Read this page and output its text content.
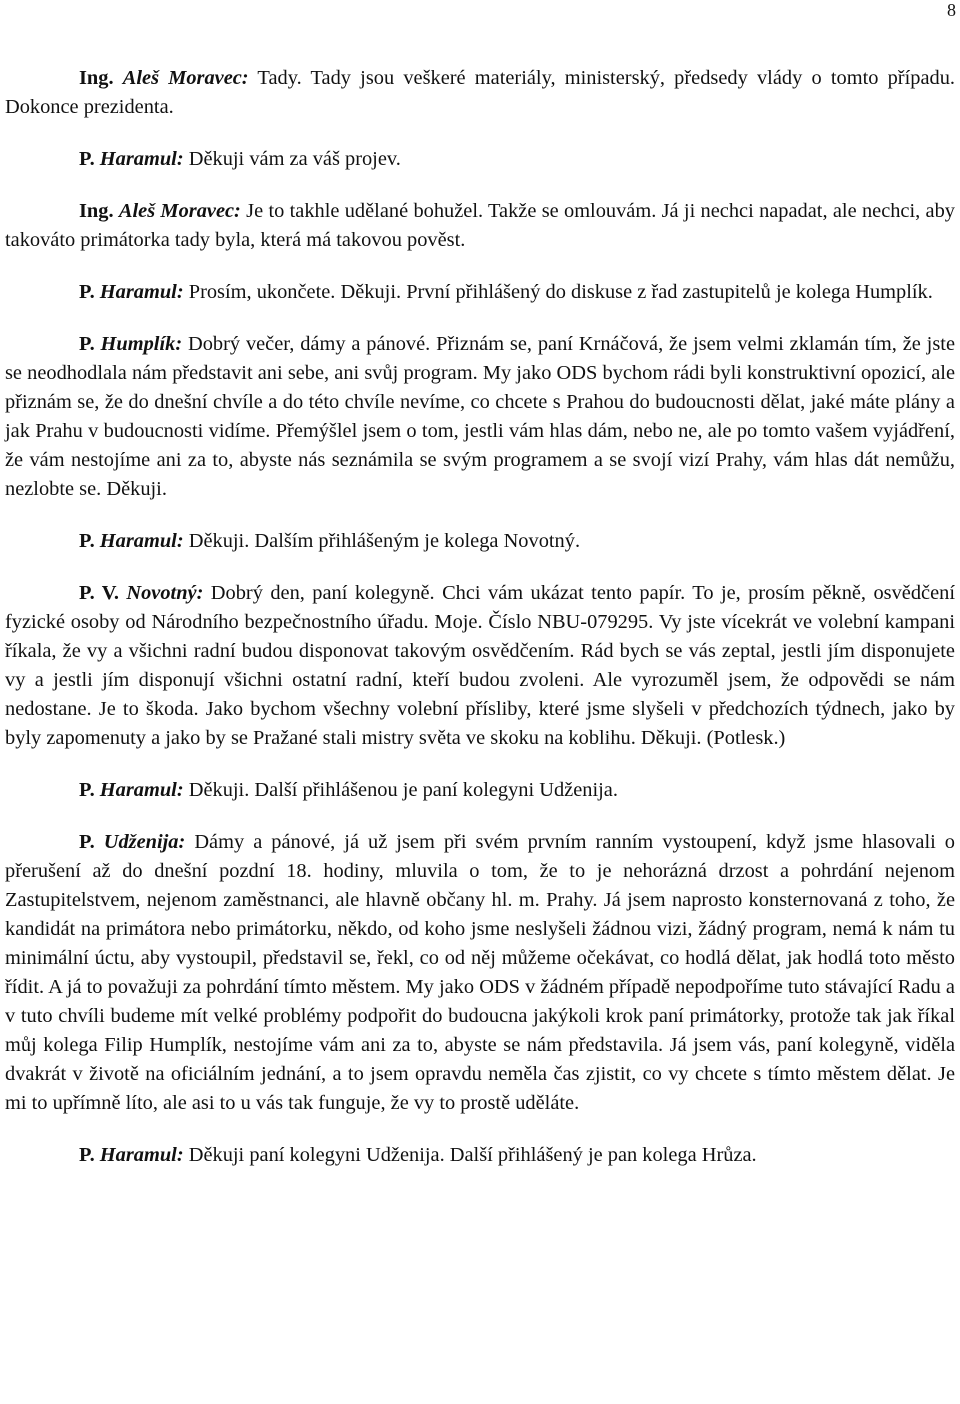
8

Ing. Aleš Moravec: Tady. Tady jsou veškeré materiály, ministerský, předsedy vlády o tomto případu. Dokonce prezidenta.

P. Haramul: Děkuji vám za váš projev.

Ing. Aleš Moravec: Je to takhle udělané bohužel. Takže se omlouvám. Já ji nechci napadat, ale nechci, aby takováto primátorka tady byla, která má takovou pověst.

P. Haramul: Prosím, ukončete. Děkuji. První přihlášený do diskuse z řad zastupitelů je kolega Humplík.

P. Humplík: Dobrý večer, dámy a pánové. Přiznám se, paní Krnáčová, že jsem velmi zklamán tím, že jste se neodhodlala nám představit ani sebe, ani svůj program. My jako ODS bychom rádi byli konstruktivní opozicí, ale přiznám se, že do dnešní chvíle a do této chvíle nevíme, co chcete s Prahou do budoucnosti dělat, jaké máte plány a jak Prahu v budoucnosti vidíme. Přemýšlel jsem o tom, jestli vám hlas dám, nebo ne, ale po tomto vašem vyjádření, že vám nestojíme ani za to, abyste nás seznámila se svým programem a se svojí vizí Prahy, vám hlas dát nemůžu, nezlobte se. Děkuji.

P. Haramul: Děkuji. Dalším přihlášeným je kolega Novotný.

P. V. Novotný: Dobrý den, paní kolegyně. Chci vám ukázat tento papír. To je, prosím pěkně, osvědčení fyzické osoby od Národního bezpečnostního úřadu. Moje. Číslo NBU-079295. Vy jste vícekrát ve volební kampani říkala, že vy a všichni radní budou disponovat takovým osvědčením. Rád bych se vás zeptal, jestli jím disponujete vy a jestli jím disponují všichni ostatní radní, kteří budou zvoleni. Ale vyrozuměl jsem, že odpovědi se nám nedostane. Je to škoda. Jako bychom všechny volební přísliby, které jsme slyšeli v předchozích týdnech, jako by byly zapomenuty a jako by se Pražané stali mistry světa ve skoku na koblihu. Děkuji. (Potlesk.)

P. Haramul: Děkuji. Další přihlášenou je paní kolegyni Udženija.

P. Udženija: Dámy a pánové, já už jsem při svém prvním ranním vystoupení, když jsme hlasovali o přerušení až do dnešní pozdní 18. hodiny, mluvila o tom, že to je nehorázná drzost a pohrdání nejenom Zastupitelstvem, nejenom zaměstnanci, ale hlavně občany hl. m. Prahy. Já jsem naprosto konsternovaná z toho, že kandidát na primátora nebo primátorku, někdo, od koho jsme neslyšeli žádnou vizi, žádný program, nemá k nám tu minimální úctu, aby vystoupil, představil se, řekl, co od něj můžeme očekávat, co hodlá dělat, jak hodlá toto město řídit. A já to považuji za pohrdání tímto městem. My jako ODS v žádném případě nepodpoříme tuto stávající Radu a v tuto chvíli budeme mít velké problémy podpořit do budoucna jakýkoli krok paní primátorky, protože tak jak říkal můj kolega Filip Humplík, nestojíme vám ani za to, abyste se nám představila. Já jsem vás, paní kolegyně, viděla dvakrát v životě na oficiálním jednání, a to jsem opravdu neměla čas zjistit, co vy chcete s tímto městem dělat. Je mi to upřímně líto, ale asi to u vás tak funguje, že vy to prostě uděláte.

P. Haramul: Děkuji paní kolegyni Udženija. Další přihlášený je pan kolega Hrůza.
